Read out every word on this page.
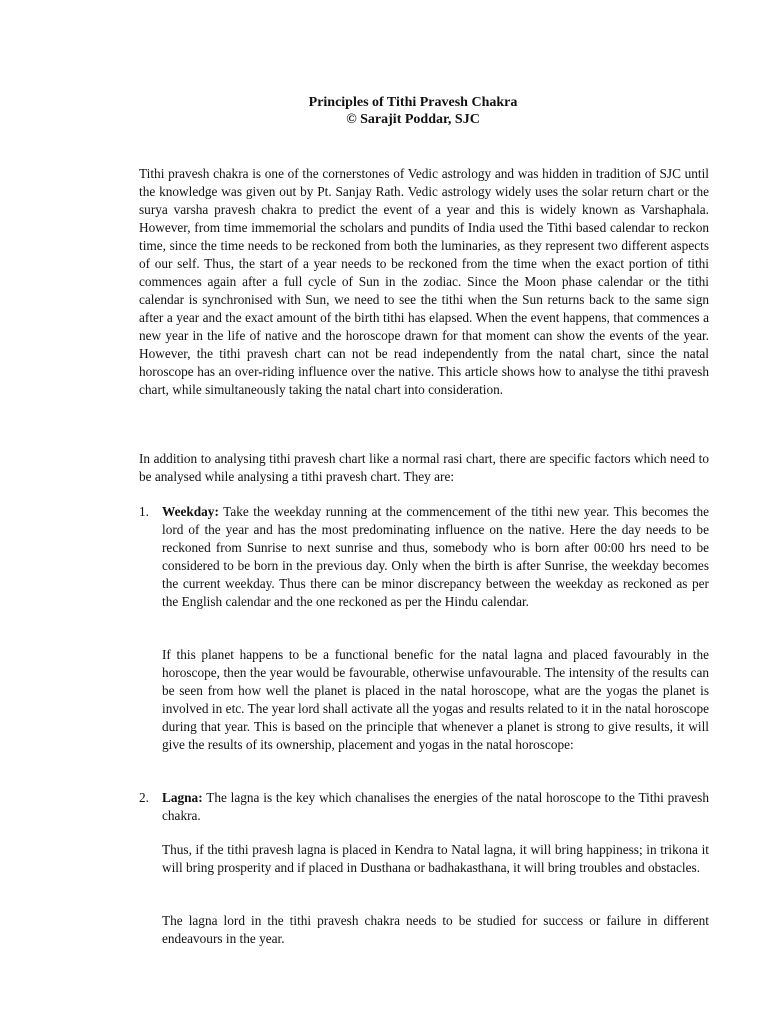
Principles of Tithi Pravesh Chakra
© Sarajit Poddar, SJC

Tithi pravesh chakra is one of the cornerstones of Vedic astrology and was hidden in tradition of SJC until the knowledge was given out by Pt. Sanjay Rath. Vedic astrology widely uses the solar return chart or the surya varsha pravesh chakra to predict the event of a year and this is widely known as Varshaphala. However, from time immemorial the scholars and pundits of India used the Tithi based calendar to reckon time, since the time needs to be reckoned from both the luminaries, as they represent two different aspects of our self. Thus, the start of a year needs to be reckoned from the time when the exact portion of tithi commences again after a full cycle of Sun in the zodiac. Since the Moon phase calendar or the tithi calendar is synchronised with Sun, we need to see the tithi when the Sun returns back to the same sign after a year and the exact amount of the birth tithi has elapsed. When the event happens, that commences a new year in the life of native and the horoscope drawn for that moment can show the events of the year. However, the tithi pravesh chart can not be read independently from the natal chart, since the natal horoscope has an over-riding influence over the native. This article shows how to analyse the tithi pravesh chart, while simultaneously taking the natal chart into consideration.

In addition to analysing tithi pravesh chart like a normal rasi chart, there are specific factors which need to be analysed while analysing a tithi pravesh chart. They are:

1. Weekday: Take the weekday running at the commencement of the tithi new year. This becomes the lord of the year and has the most predominating influence on the native. Here the day needs to be reckoned from Sunrise to next sunrise and thus, somebody who is born after 00:00 hrs need to be considered to be born in the previous day. Only when the birth is after Sunrise, the weekday becomes the current weekday. Thus there can be minor discrepancy between the weekday as reckoned as per the English calendar and the one reckoned as per the Hindu calendar.

If this planet happens to be a functional benefic for the natal lagna and placed favourably in the horoscope, then the year would be favourable, otherwise unfavourable. The intensity of the results can be seen from how well the planet is placed in the natal horoscope, what are the yogas the planet is involved in etc. The year lord shall activate all the yogas and results related to it in the natal horoscope during that year. This is based on the principle that whenever a planet is strong to give results, it will give the results of its ownership, placement and yogas in the natal horoscope:

2. Lagna: The lagna is the key which chanalises the energies of the natal horoscope to the Tithi pravesh chakra.

Thus, if the tithi pravesh lagna is placed in Kendra to Natal lagna, it will bring happiness; in trikona it will bring prosperity and if placed in Dusthana or badhakasthana, it will bring troubles and obstacles.

The lagna lord in the tithi pravesh chakra needs to be studied for success or failure in different endeavours in the year.
